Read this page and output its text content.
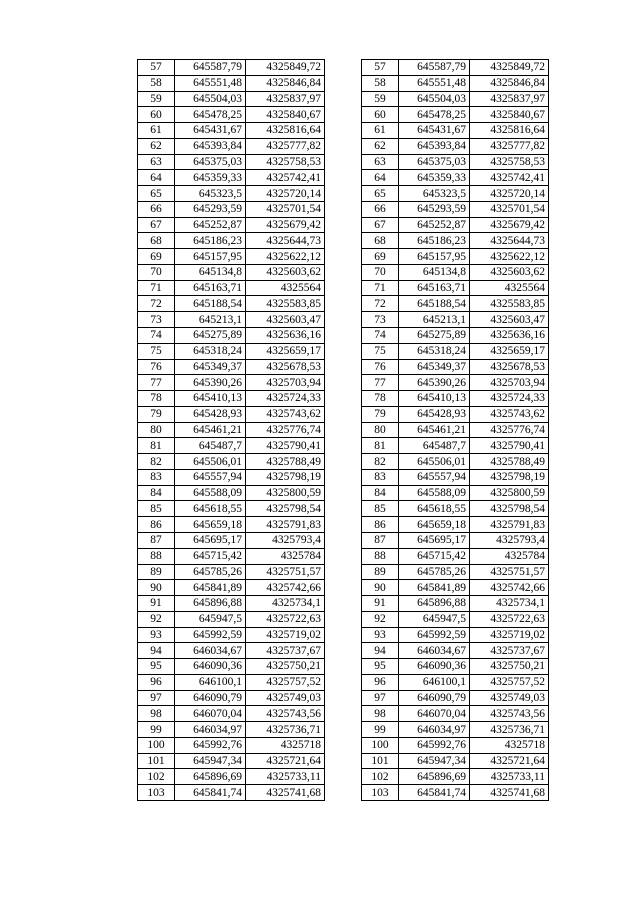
57	645587,79	4325849,72
58	645551,48	4325846,84
59	645504,03	4325837,97
60	645478,25	4325840,67
61	645431,67	4325816,64
62	645393,84	4325777,82
63	645375,03	4325758,53
64	645359,33	4325742,41
65	645323,5	4325720,14
66	645293,59	4325701,54
67	645252,87	4325679,42
68	645186,23	4325644,73
69	645157,95	4325622,12
70	645134,8	4325603,62
71	645163,71	4325564
72	645188,54	4325583,85
73	645213,1	4325603,47
74	645275,89	4325636,16
75	645318,24	4325659,17
76	645349,37	4325678,53
77	645390,26	4325703,94
78	645410,13	4325724,33
79	645428,93	4325743,62
80	645461,21	4325776,74
81	645487,7	4325790,41
82	645506,01	4325788,49
83	645557,94	4325798,19
84	645588,09	4325800,59
85	645618,55	4325798,54
86	645659,18	4325791,83
87	645695,17	4325793,4
88	645715,42	4325784
89	645785,26	4325751,57
90	645841,89	4325742,66
91	645896,88	4325734,1
92	645947,5	4325722,63
93	645992,59	4325719,02
94	646034,67	4325737,67
95	646090,36	4325750,21
96	646100,1	4325757,52
97	646090,79	4325749,03
98	646070,04	4325743,56
99	646034,97	4325736,71
100	645992,76	4325718
101	645947,34	4325721,64
102	645896,69	4325733,11
103	645841,74	4325741,68
57	645587,79	4325849,72
58	645551,48	4325846,84
59	645504,03	4325837,97
60	645478,25	4325840,67
61	645431,67	4325816,64
62	645393,84	4325777,82
63	645375,03	4325758,53
64	645359,33	4325742,41
65	645323,5	4325720,14
66	645293,59	4325701,54
67	645252,87	4325679,42
68	645186,23	4325644,73
69	645157,95	4325622,12
70	645134,8	4325603,62
71	645163,71	4325564
72	645188,54	4325583,85
73	645213,1	4325603,47
74	645275,89	4325636,16
75	645318,24	4325659,17
76	645349,37	4325678,53
77	645390,26	4325703,94
78	645410,13	4325724,33
79	645428,93	4325743,62
80	645461,21	4325776,74
81	645487,7	4325790,41
82	645506,01	4325788,49
83	645557,94	4325798,19
84	645588,09	4325800,59
85	645618,55	4325798,54
86	645659,18	4325791,83
87	645695,17	4325793,4
88	645715,42	4325784
89	645785,26	4325751,57
90	645841,89	4325742,66
91	645896,88	4325734,1
92	645947,5	4325722,63
93	645992,59	4325719,02
94	646034,67	4325737,67
95	646090,36	4325750,21
96	646100,1	4325757,52
97	646090,79	4325749,03
98	646070,04	4325743,56
99	646034,97	4325736,71
100	645992,76	4325718
101	645947,34	4325721,64
102	645896,69	4325733,11
103	645841,74	4325741,68
